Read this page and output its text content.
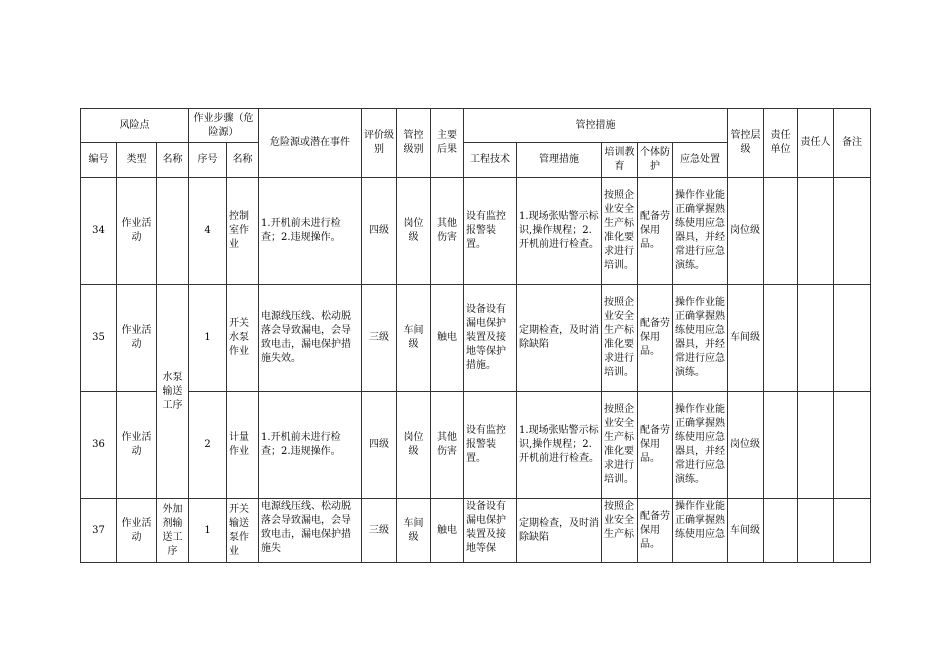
风险点			作业步骤（危险源）		危险源或潜在事件	评价级别	管控级别	主要后果	管控措施					管控层级	责任单位	责任人	备注
编号	类型	名称	序号	名称					工程技术	管理措施	培训教育	个体防护	应急处置				
34	作业活动		4	控制室作业	1.开机前未进行检查；2.违规操作。	四级	岗位级	其他伤害	设有监控报警装置。	1.现场张贴警示标识,操作规程；2.开机前进行检查。	按照企业安全生产标准化要求进行培训。	配备劳保用品。	操作作业能正确掌握熟练使用应急器具，并经常进行应急演练。	岗位级			
35	作业活动	水泵输送工序	1	开关水泵作业	电源线压线、松动脱落会导致漏电，会导致电击，漏电保护措施失效。	三级	车间级	触电	设备设有漏电保护装置及接地等保护措施。	定期检查，及时消除缺陷	按照企业安全生产标准化要求进行培训。	配备劳保用品。	操作作业能正确掌握熟练使用应急器具，并经常进行应急演练。	车间级			
36	作业活动		2	计量作业	1.开机前未进行检查；2.违规操作。	四级	岗位级	其他伤害	设有监控报警装置。	1.现场张贴警示标识,操作规程；2.开机前进行检查。	按照企业安全生产标准化要求进行培训。	配备劳保用品。	操作作业能正确掌握熟练使用应急器具，并经常进行应急演练。	岗位级			
37	作业活动	外加剂输送工序	1	开关输送泵作业	电源线压线、松动脱落会导致漏电，会导致电击，漏电保护措施失	三级	车间级	触电	设备设有漏电保护装置及接地等保	定期检查，及时消除缺陷	按照企业安全生产标	配备劳保用品。	操作作业能正确掌握熟练使用应急	车间级			
